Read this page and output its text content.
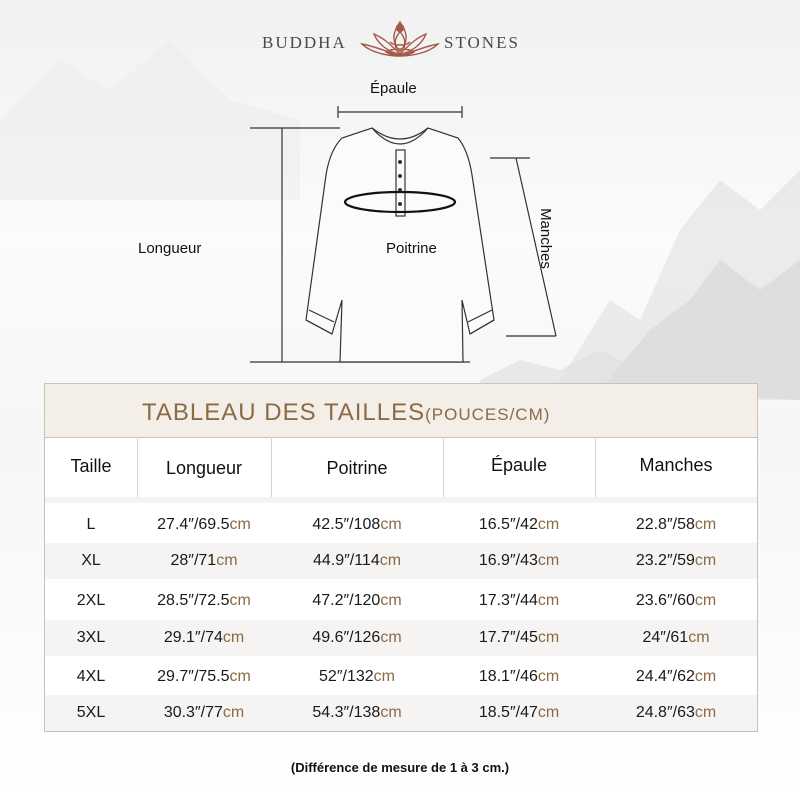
BUDDHA	STONES
Épaule
Longueur	Poitrine	Manches
TABLEAU DES TAILLES(POUCES/CM)
Taille	Longueur	Poitrine	Épaule	Manches
L	27.4″/69.5cm	42.5″/108cm	16.5″/42cm	22.8″/58cm
XL	28″/71cm	44.9″/114cm	16.9″/43cm	23.2″/59cm
2XL	28.5″/72.5cm	47.2″/120cm	17.3″/44cm	23.6″/60cm
3XL	29.1″/74cm	49.6″/126cm	17.7″/45cm	24″/61cm
4XL	29.7″/75.5cm	52″/132cm	18.1″/46cm	24.4″/62cm
5XL	30.3″/77cm	54.3″/138cm	18.5″/47cm	24.8″/63cm
(Différence de mesure de 1 à 3 cm.)
